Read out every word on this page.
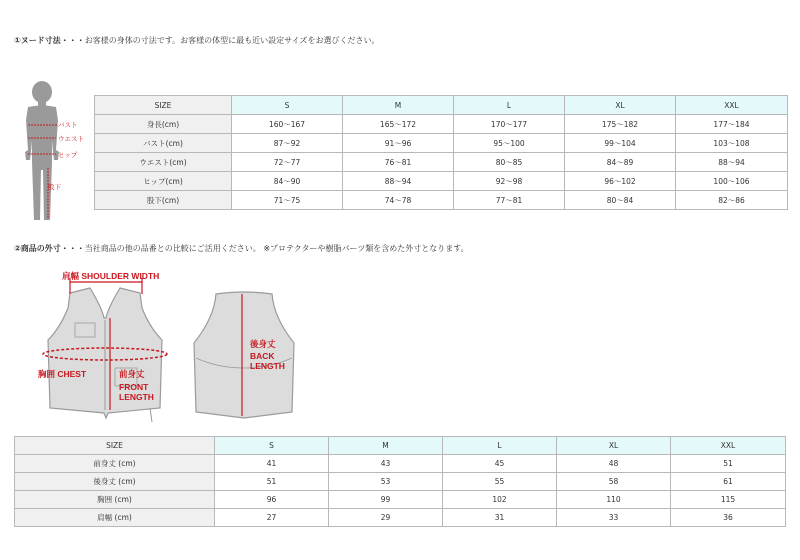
①ヌード寸法・・・お客様の身体の寸法です。お客様の体型に最も近い設定サイズをお選びください。
バスト
ウエスト
ヒップ
股下
SIZE	S	M	L	XL	XXL
身長(cm)	160〜167	165〜172	170〜177	175〜182	177〜184
バスト(cm)	87〜92	91〜96	95〜100	99〜104	103〜108
ウエスト(cm)	72〜77	76〜81	80〜85	84〜89	88〜94
ヒップ(cm)	84〜90	88〜94	92〜98	96〜102	100〜106
股下(cm)	71〜75	74〜78	77〜81	80〜84	82〜86
②商品の外寸・・・当社商品の他の品番との比較にご活用ください。 ※プロテクターや樹脂パーツ類を含めた外寸となります。
肩幅 SHOULDER WIDTH
胸囲 CHEST	前身丈
FRONT
LENGTH
後身丈
BACK
LENGTH
SIZE	S	M	L	XL	XXL
前身丈 (cm)	41	43	45	48	51
後身丈 (cm)	51	53	55	58	61
胸囲 (cm)	96	99	102	110	115
肩幅 (cm)	27	29	31	33	36
